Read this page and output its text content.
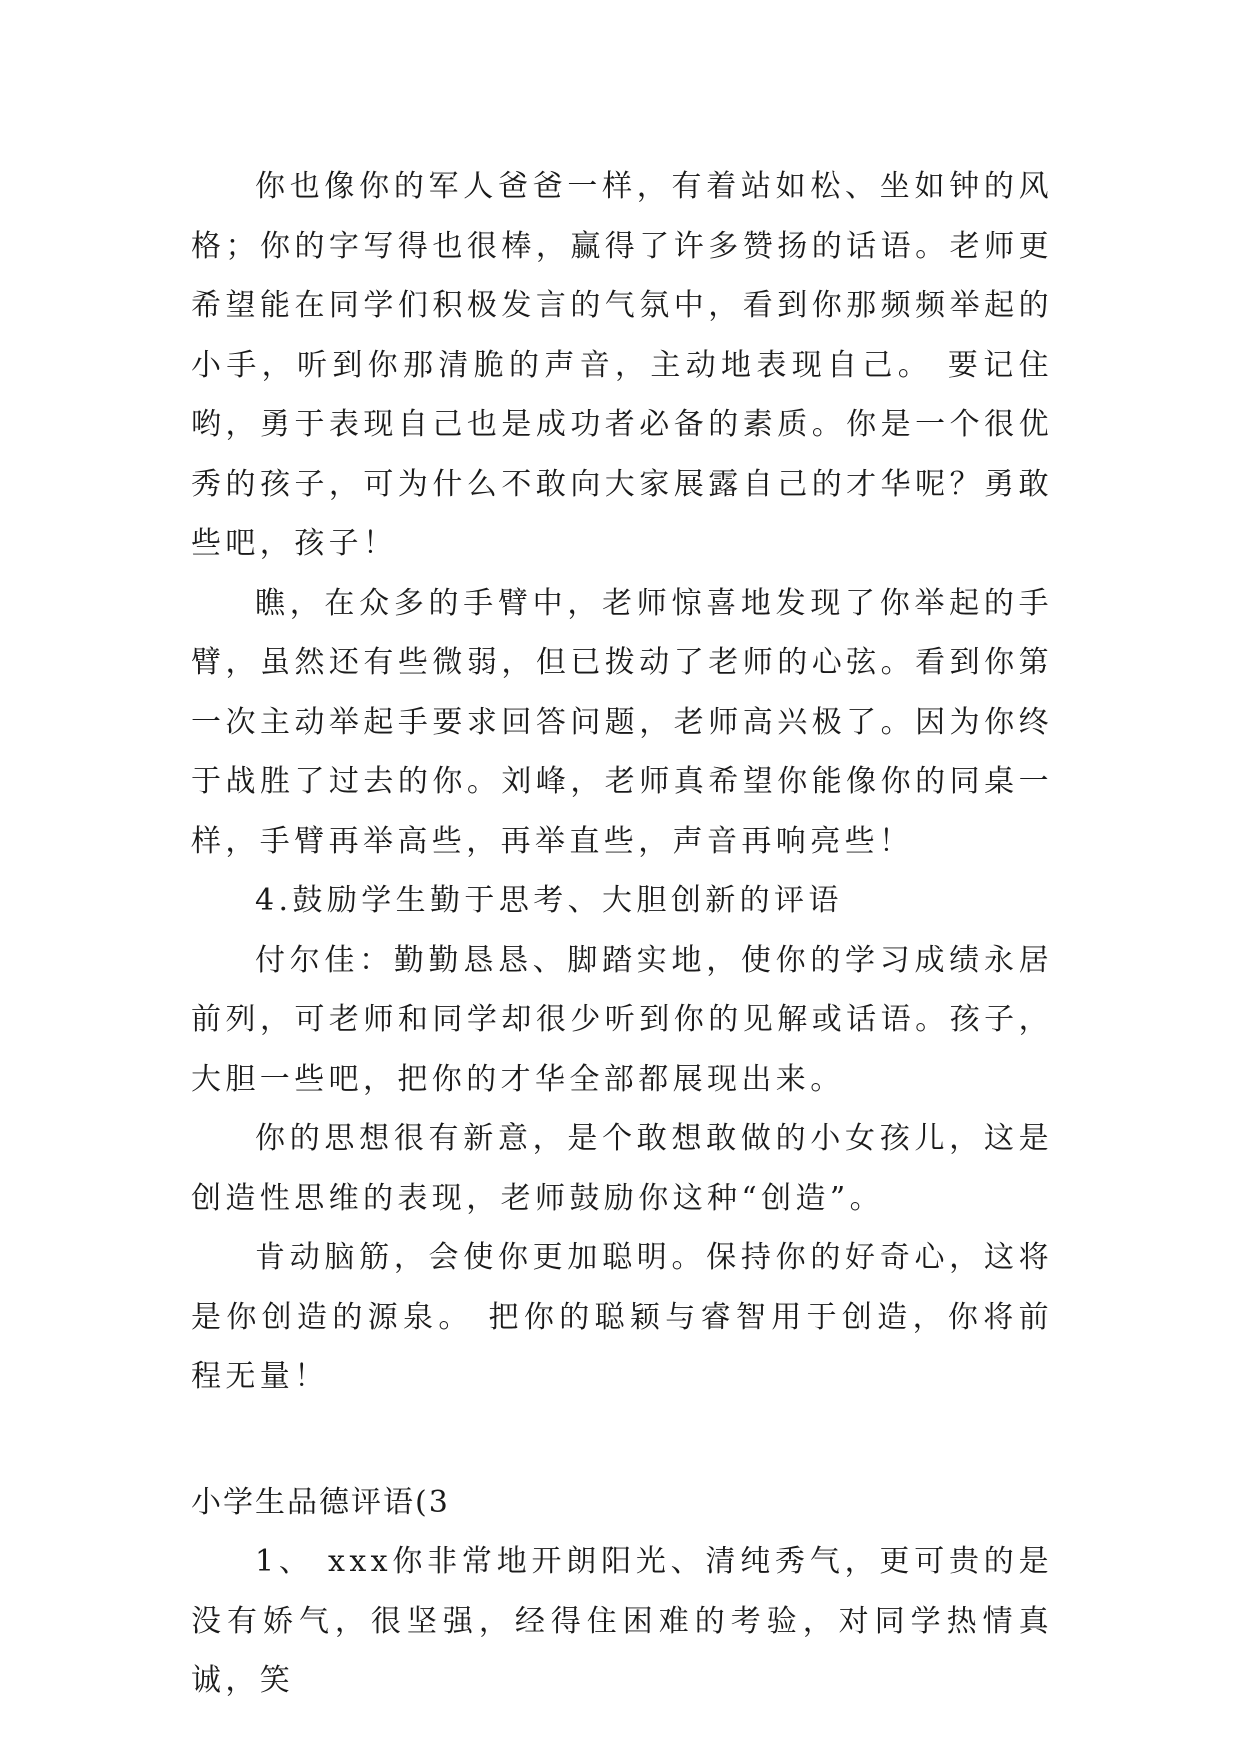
你也像你的军人爸爸一样，有着站如松、坐如钟的风格；你的字写得也很棒，赢得了许多赞扬的话语。老师更希望能在同学们积极发言的气氛中，看到你那频频举起的小手，听到你那清脆的声音，主动地表现自己。 要记住哟，勇于表现自己也是成功者必备的素质。你是一个很优秀的孩子，可为什么不敢向大家展露自己的才华呢？勇敢些吧，孩子！

瞧，在众多的手臂中，老师惊喜地发现了你举起的手臂，虽然还有些微弱，但已拨动了老师的心弦。看到你第一次主动举起手要求回答问题，老师高兴极了。因为你终于战胜了过去的你。刘峰，老师真希望你能像你的同桌一样，手臂再举高些，再举直些，声音再响亮些！

4.鼓励学生勤于思考、大胆创新的评语

付尔佳：勤勤恳恳、脚踏实地，使你的学习成绩永居前列，可老师和同学却很少听到你的见解或话语。孩子，大胆一些吧，把你的才华全部都展现出来。

你的思想很有新意，是个敢想敢做的小女孩儿，这是创造性思维的表现，老师鼓励你这种“创造”。

肯动脑筋，会使你更加聪明。保持你的好奇心，这将是你创造的源泉。 把你的聪颖与睿智用于创造，你将前程无量！

小学生品德评语(3

1、 xxx你非常地开朗阳光、清纯秀气，更可贵的是没有娇气，很坚强，经得住困难的考验，对同学热情真诚，笑
